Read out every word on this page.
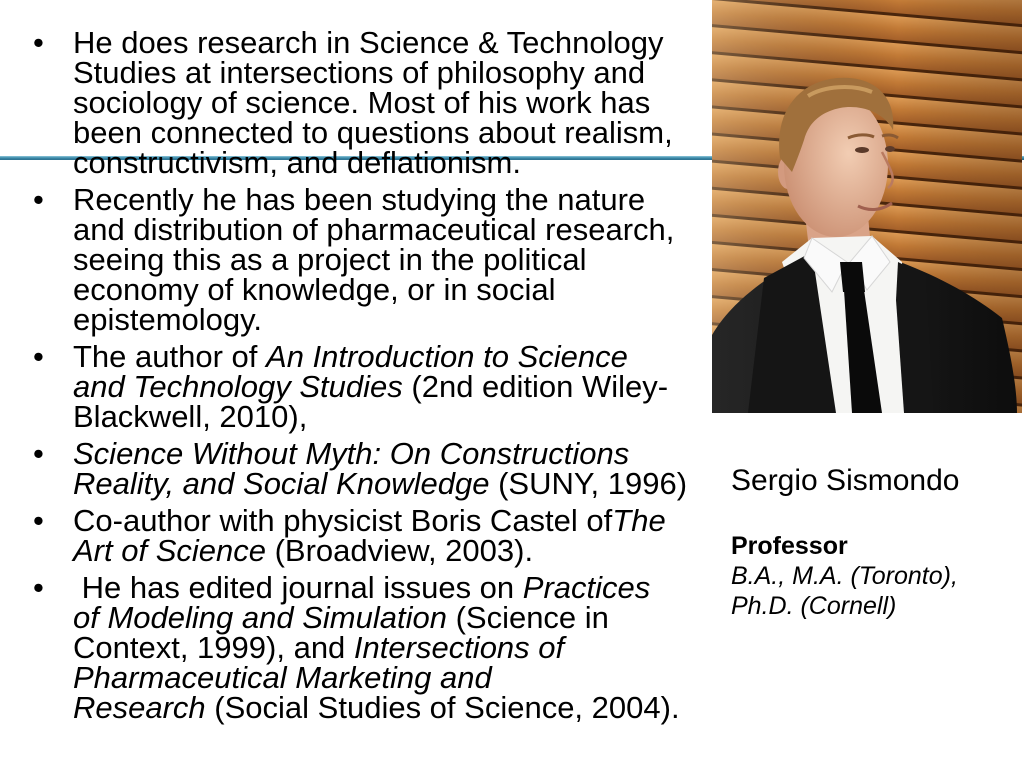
• He does research in Science & Technology
Studies at intersections of philosophy and
sociology of science. Most of his work has
been connected to questions about realism,
constructivism, and deflationism.
• Recently he has been studying the nature
and distribution of pharmaceutical research,
seeing this as a project in the political
economy of knowledge, or in social
epistemology.
• The author of An Introduction to Science
and Technology Studies (2nd edition Wiley-
Blackwell, 2010),
• Science Without Myth: On Constructions
Reality, and Social Knowledge (SUNY, 1996)
• Co-author with physicist Boris Castel ofThe
Art of Science (Broadview, 2003).
• He has edited journal issues on Practices
of Modeling and Simulation (Science in
Context, 1999), and Intersections of
Pharmaceutical Marketing and
Research (Social Studies of Science, 2004).
Sergio Sismondo
Professor
B.A., M.A. (Toronto),
Ph.D. (Cornell)
